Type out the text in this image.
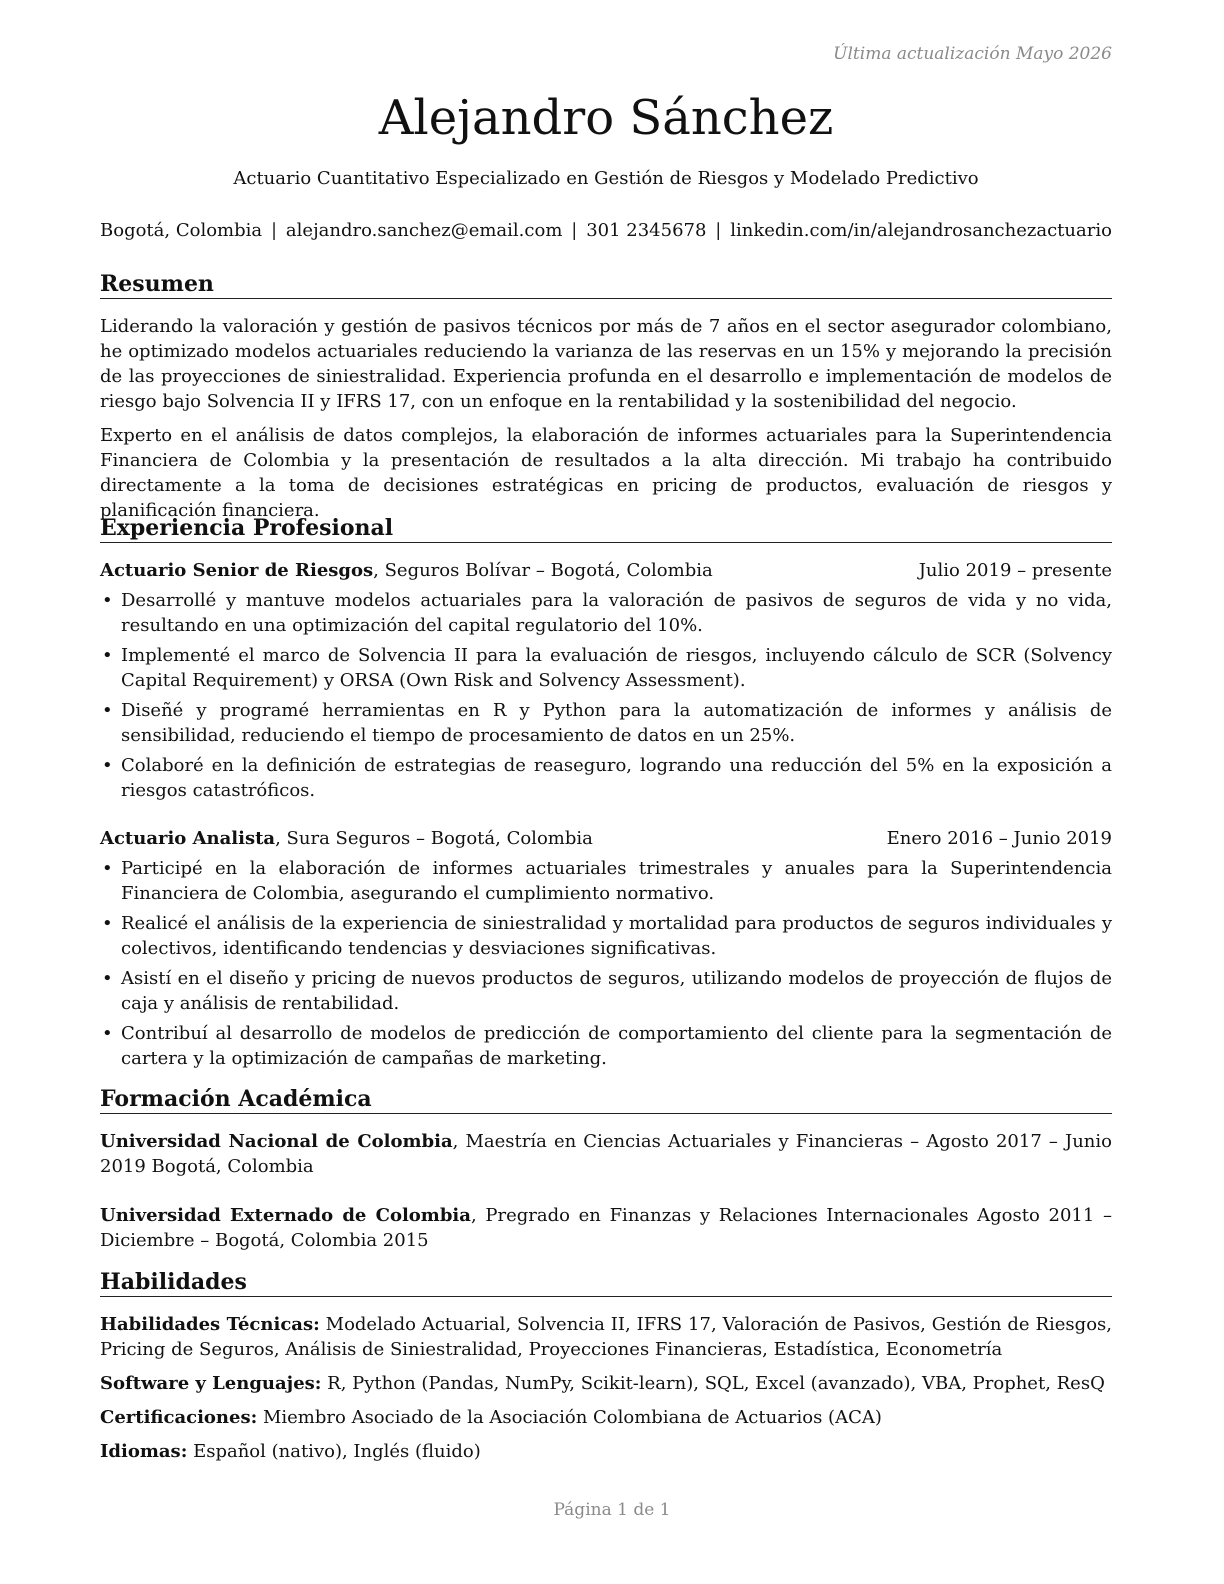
Última actualización Mayo 2026
Alejandro Sánchez
Actuario Cuantitativo Especializado en Gestión de Riesgos y Modelado Predictivo
Bogotá, Colombia | alejandro.sanchez@email.com | 301 2345678 | linkedin.com/in/alejandrosanchezactuario
Resumen

Liderando la valoración y gestión de pasivos técnicos por más de 7 años en el sector asegurador colombiano, he optimizado modelos actuariales reduciendo la varianza de las reservas en un 15% y mejorando la precisión de las proyecciones de siniestralidad. Experiencia profunda en el desarrollo e implementación de modelos de riesgo bajo Solvencia II y IFRS 17, con un enfoque en la rentabilidad y la sostenibilidad del negocio.

Experto en el análisis de datos complejos, la elaboración de informes actuariales para la Superintendencia Financiera de Colombia y la presentación de resultados a la alta dirección. Mi trabajo ha contribuido directamente a la toma de decisiones estratégicas en pricing de productos, evaluación de riesgos y planificación financiera.

Experiencia Profesional
Actuario Senior de Riesgos, Seguros Bolívar – Bogotá, Colombia	Julio 2019 – presente
• Desarrollé y mantuve modelos actuariales para la valoración de pasivos de seguros de vida y no vida, resultando en una optimización del capital regulatorio del 10%.
• Implementé el marco de Solvencia II para la evaluación de riesgos, incluyendo cálculo de SCR (Solvency Capital Requirement) y ORSA (Own Risk and Solvency Assessment).
• Diseñé y programé herramientas en R y Python para la automatización de informes y análisis de sensibilidad, reduciendo el tiempo de procesamiento de datos en un 25%.
• Colaboré en la definición de estrategias de reaseguro, logrando una reducción del 5% en la exposición a riesgos catastróficos.
Actuario Analista, Sura Seguros – Bogotá, Colombia	Enero 2016 – Junio 2019
• Participé en la elaboración de informes actuariales trimestrales y anuales para la Superintendencia Financiera de Colombia, asegurando el cumplimiento normativo.
• Realicé el análisis de la experiencia de siniestralidad y mortalidad para productos de seguros individuales y colectivos, identificando tendencias y desviaciones significativas.
• Asistí en el diseño y pricing de nuevos productos de seguros, utilizando modelos de proyección de flujos de caja y análisis de rentabilidad.
• Contribuí al desarrollo de modelos de predicción de comportamiento del cliente para la segmentación de cartera y la optimización de campañas de marketing.
Formación Académica
Universidad Nacional de Colombia, Maestría en Ciencias Actuariales y Financieras – Agosto 2017 – Junio 2019 Bogotá, Colombia
Universidad Externado de Colombia, Pregrado en Finanzas y Relaciones Internacionales Agosto 2011 – Diciembre – Bogotá, Colombia 2015
Habilidades
Habilidades Técnicas: Modelado Actuarial, Solvencia II, IFRS 17, Valoración de Pasivos, Gestión de Riesgos, Pricing de Seguros, Análisis de Siniestralidad, Proyecciones Financieras, Estadística, Econometría
Software y Lenguajes: R, Python (Pandas, NumPy, Scikit-learn), SQL, Excel (avanzado), VBA, Prophet, ResQ
Certificaciones: Miembro Asociado de la Asociación Colombiana de Actuarios (ACA)
Idiomas: Español (nativo), Inglés (fluido)
Página 1 de 1
